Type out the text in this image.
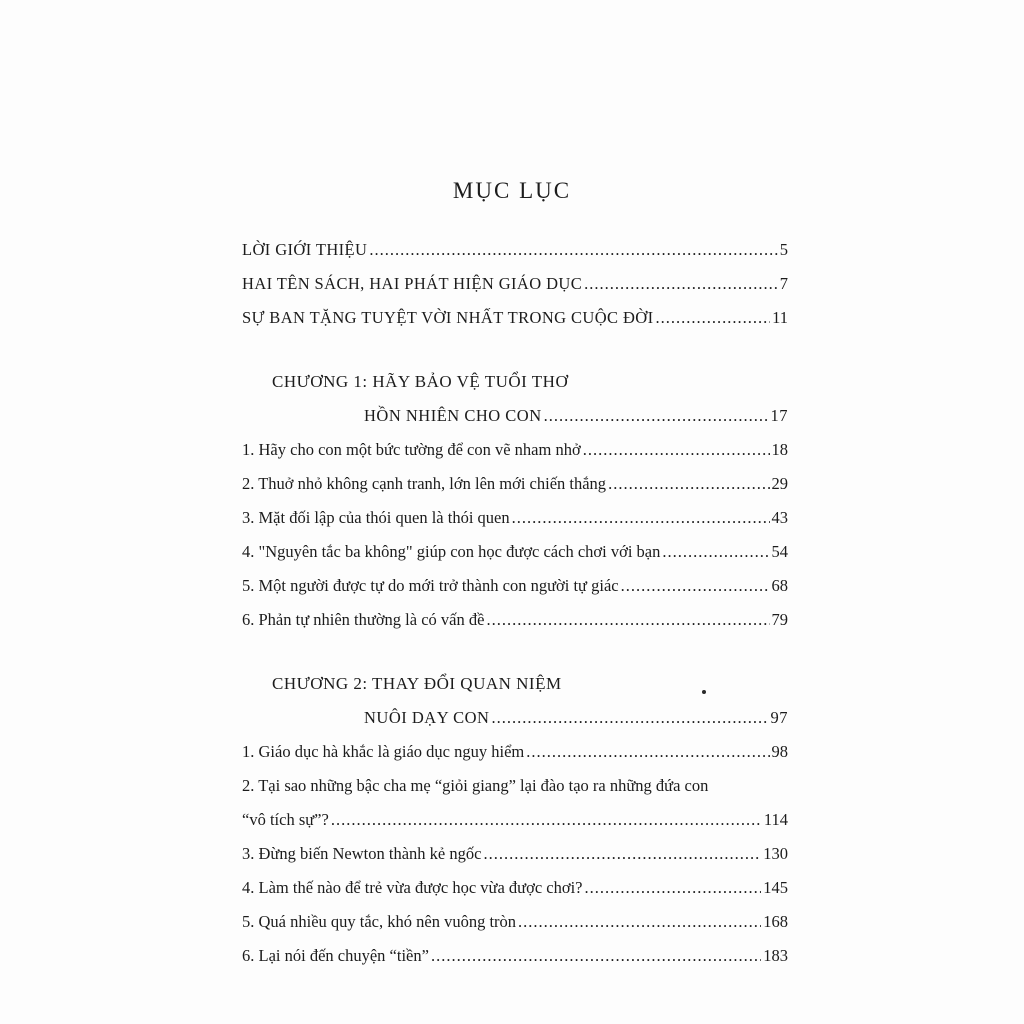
MỤC LỤC
LỜI GIỚI THIỆU .....	5
HAI TÊN SÁCH, HAI PHÁT HIỆN GIÁO DỤC .....	7
SỰ BAN TẶNG TUYỆT VỜI NHẤT TRONG CUỘC ĐỜI .....	11
CHƯƠNG 1: HÃY BẢO VỆ TUỔI THƠ
HỒN NHIÊN CHO CON .....	17
1. Hãy cho con một bức tường để con vẽ nham nhở .....	18
2. Thuở nhỏ không cạnh tranh, lớn lên mới chiến thắng .....	29
3. Mặt đối lập của thói quen là thói quen .....	43
4. "Nguyên tắc ba không" giúp con học được cách chơi với bạn .....	54
5. Một người được tự do mới trở thành con người tự giác .....	68
6. Phản tự nhiên thường là có vấn đề .....	79
CHƯƠNG 2: THAY ĐỔI QUAN NIỆM
NUÔI DẠY CON .....	97
1. Giáo dục hà khắc là giáo dục nguy hiểm .....	98
2. Tại sao những bậc cha mẹ “giỏi giang” lại đào tạo ra những đứa con
“vô tích sự”? .....	114
3. Đừng biến Newton thành kẻ ngốc .....	130
4. Làm thế nào để trẻ vừa được học vừa được chơi? .....	145
5. Quá nhiều quy tắc, khó nên vuông tròn .....	168
6. Lại nói đến chuyện “tiền” .....	183
